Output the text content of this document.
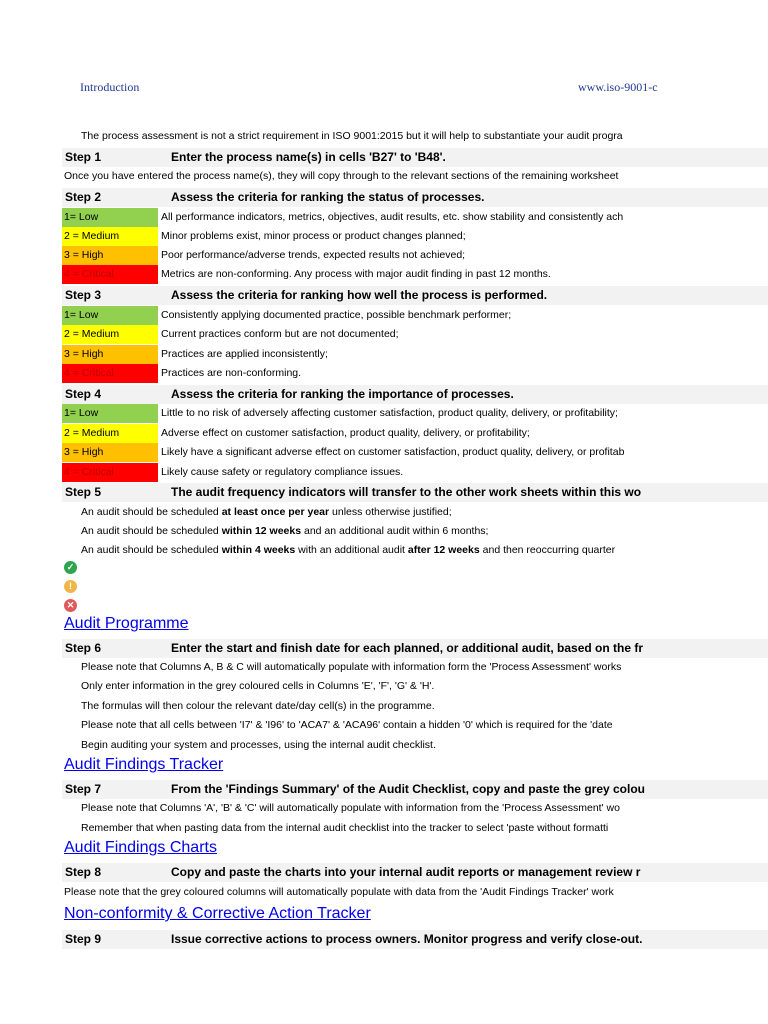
Introduction	www.iso-9001-c
The process assessment is not a strict requirement in ISO 9001:2015 but it will help to substantiate your audit progra
Step 1	Enter the process name(s) in cells 'B27' to 'B48'.
Once you have entered the process name(s), they will copy through to the relevant sections of the remaining worksheet
Step 2	Assess the criteria for ranking the status of processes.
1= Low	All performance indicators, metrics, objectives, audit results, etc. show stability and consistently ach
2 = Medium	Minor problems exist, minor process or product changes planned;
3 = High	Poor performance/adverse trends, expected results not achieved;
4 = Critical	Metrics are non-conforming. Any process with major audit finding in past 12 months.
Step 3	Assess the criteria for ranking how well the process is performed.
1= Low	Consistently applying documented practice, possible benchmark performer;
2 = Medium	Current practices conform but are not documented;
3 = High	Practices are applied inconsistently;
4 = Critical	Practices are non-conforming.
Step 4	Assess the criteria for ranking the importance of processes.
1= Low	Little to no risk of adversely affecting customer satisfaction, product quality, delivery, or profitability;
2 = Medium	Adverse effect on customer satisfaction, product quality, delivery, or profitability;
3 = High	Likely have a significant adverse effect on customer satisfaction, product quality, delivery, or profitab
4 = Critical	Likely cause safety or regulatory compliance issues.
Step 5	The audit frequency indicators will transfer to the other work sheets within this wo
An audit should be scheduled at least once per year unless otherwise justified;
An audit should be scheduled within 12 weeks and an additional audit within 6 months;
An audit should be scheduled within 4 weeks with an additional audit after 12 weeks and then reoccurring quarter
✓
!
✕
Audit Programme
Step 6	Enter the start and finish date for each planned, or additional audit, based on the fr
Please note that Columns A, B & C will automatically populate with information form the 'Process Assessment' works
Only enter information in the grey coloured cells in Columns 'E', 'F', 'G' & 'H'.
The formulas will then colour the relevant date/day cell(s) in the programme.
Please note that all cells between 'I7' & 'I96' to 'ACA7' & 'ACA96' contain a hidden '0' which is required for the 'date
Begin auditing your system and processes, using the internal audit checklist.
Audit Findings Tracker
Step 7	From the 'Findings Summary' of the Audit Checklist, copy and paste the grey colou
Please note that Columns 'A', 'B' & 'C' will automatically populate with information from the 'Process Assessment' wo
Remember that when pasting data from the internal audit checklist into the tracker to select 'paste without formatti
Audit Findings Charts
Step 8	Copy and paste the charts into your internal audit reports or management review r
Please note that the grey coloured columns will automatically populate with data from the 'Audit Findings Tracker' work
Non-conformity & Corrective Action Tracker
Step 9	Issue corrective actions to process owners. Monitor progress and verify close-out.
